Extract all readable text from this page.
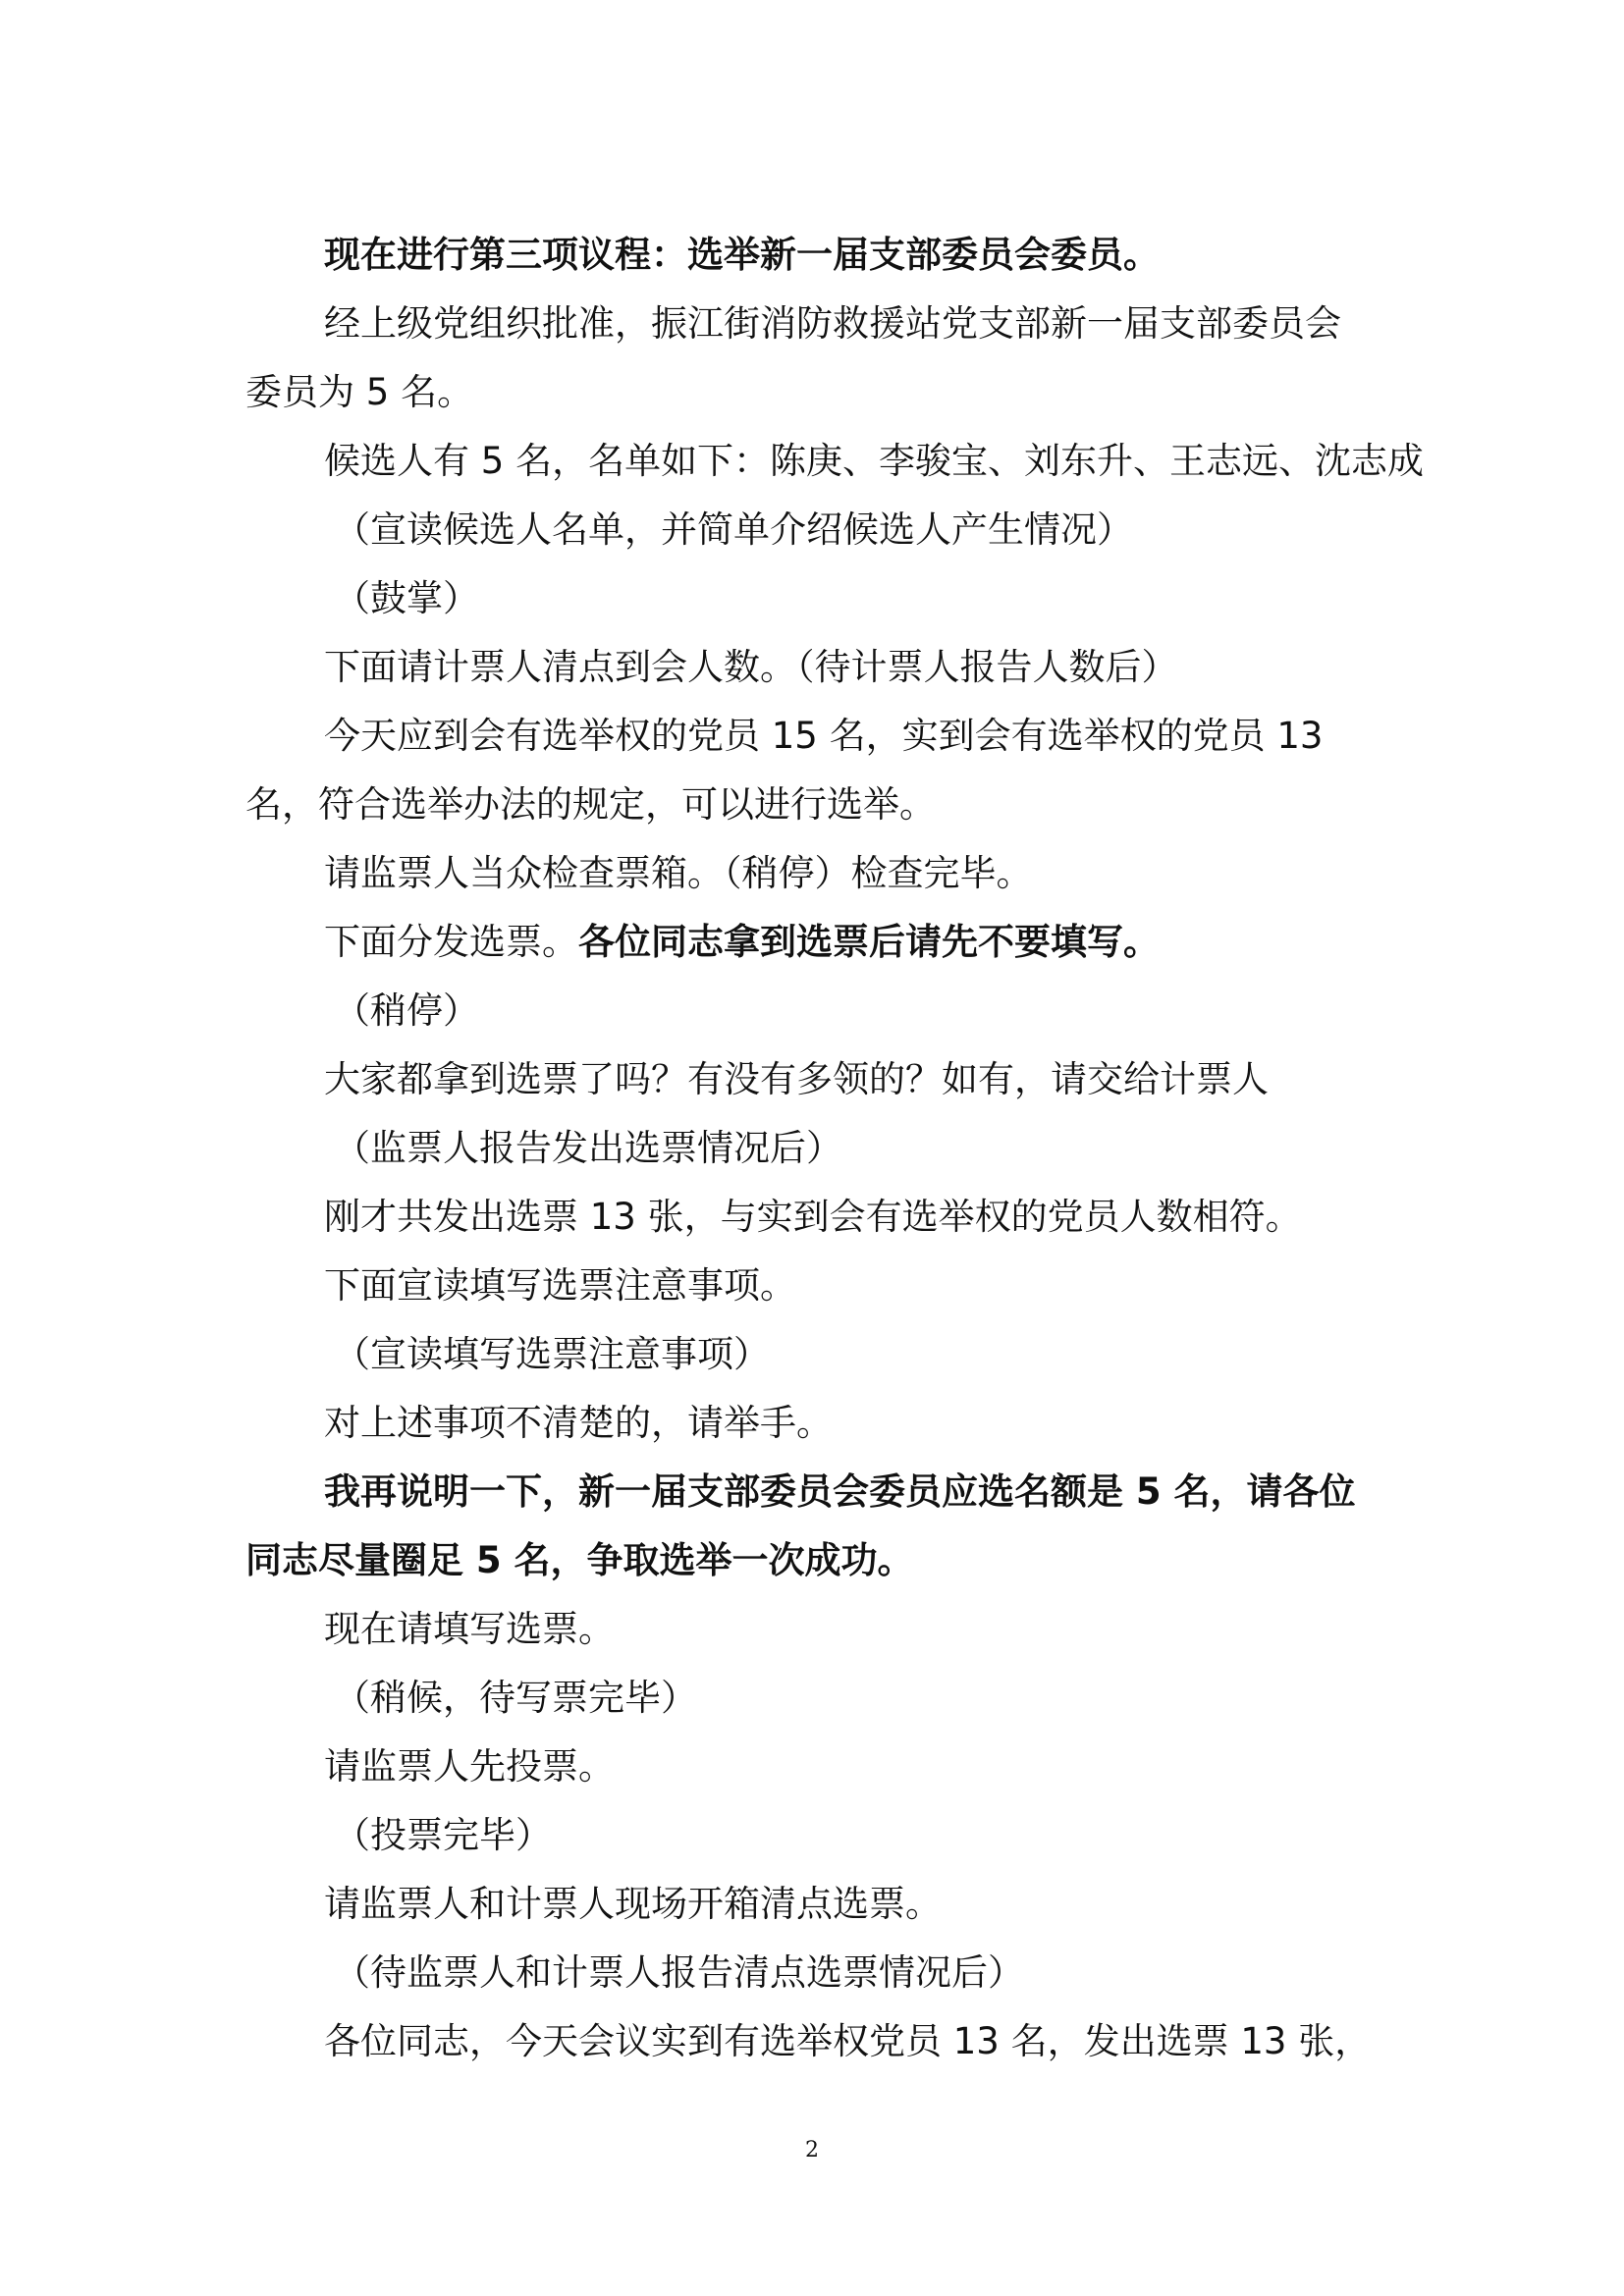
现在进行第三项议程：选举新一届支部委员会委员。
经上级党组织批准，振江街消防救援站党支部新一届支部委员会
委员为 5 名。
候选人有 5 名，名单如下：陈庚、李骏宝、刘东升、王志远、沈志成
（宣读候选人名单，并简单介绍候选人产生情况）
（鼓掌）
下面请计票人清点到会人数。（待计票人报告人数后）
今天应到会有选举权的党员 15 名，实到会有选举权的党员 13
名，符合选举办法的规定，可以进行选举。
请监票人当众检查票箱。（稍停）检查完毕。
下面分发选票。各位同志拿到选票后请先不要填写。
（稍停）
大家都拿到选票了吗？有没有多领的？如有，请交给计票人
（监票人报告发出选票情况后）
刚才共发出选票 13 张，与实到会有选举权的党员人数相符。
下面宣读填写选票注意事项。
（宣读填写选票注意事项）
对上述事项不清楚的，请举手。
我再说明一下，新一届支部委员会委员应选名额是 5 名，请各位
同志尽量圈足 5 名，争取选举一次成功。
现在请填写选票。
（稍候，待写票完毕）
请监票人先投票。
（投票完毕）
请监票人和计票人现场开箱清点选票。
（待监票人和计票人报告清点选票情况后）
各位同志，今天会议实到有选举权党员 13 名，发出选票 13 张，
2
